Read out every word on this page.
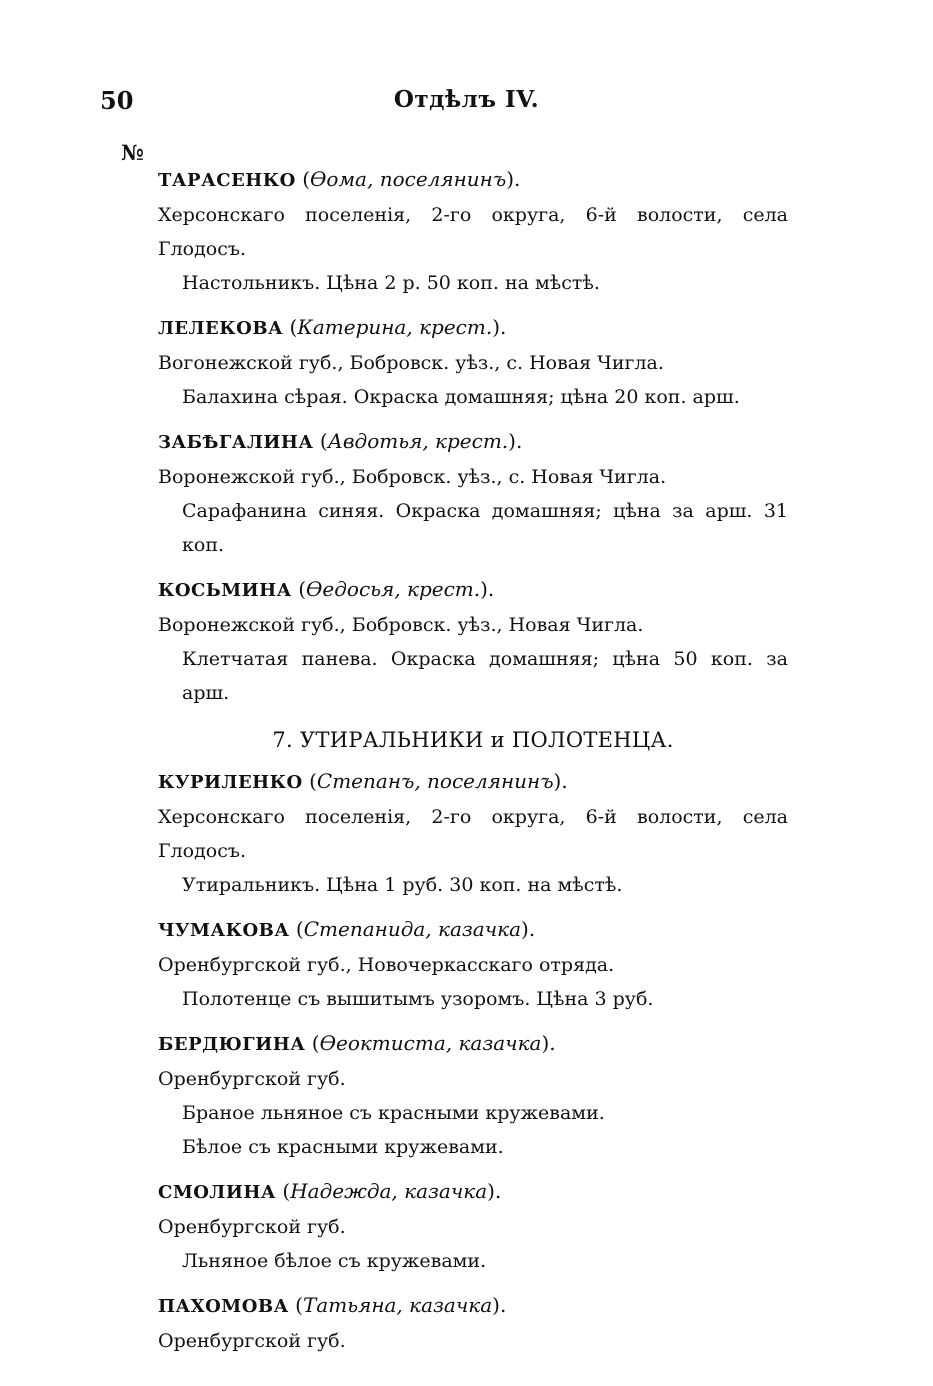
50	Отдѣлъ IV.
№
ТАРАСЕНКО (Ѳома, поселянинъ).
Херсонскаго поселенія, 2-го округа, 6-й волости, села Глодосъ.
Настольникъ. Цѣна 2 р. 50 коп. на мѣстѣ.
ЛЕЛЕКОВА (Катерина, крест.).
Вогонежской губ., Бобровск. уѣз., с. Новая Чигла.
Балахина сѣрая. Окраска домашняя; цѣна 20 коп. арш.
ЗАБѢГАЛИНА (Авдотья, крест.).
Воронежской губ., Бобровск. уѣз., с. Новая Чигла.
Сарафанина синяя. Окраска домашняя; цѣна за арш. 31 коп.
КОСЬМИНА (Ѳедосья, крест.).
Воронежской губ., Бобровск. уѣз., Новая Чигла.
Клетчатая панева. Окраска домашняя; цѣна 50 коп. за арш.
7. УТИРАЛЬНИКИ и ПОЛОТЕНЦА.
КУРИЛЕНКО (Степанъ, поселянинъ).
Херсонскаго поселенія, 2-го округа, 6-й волости, села Глодосъ.
Утиральникъ. Цѣна 1 руб. 30 коп. на мѣстѣ.
ЧУМАКОВА (Степанида, казачка).
Оренбургской губ., Новочеркасскаго отряда.
Полотенце съ вышитымъ узоромъ. Цѣна 3 руб.
БЕРДЮГИНА (Ѳеоктиста, казачка).
Оренбургской губ.
Браное льняное съ красными кружевами.
Бѣлое съ красными кружевами.
СМОЛИНА (Надежда, казачка).
Оренбургской губ.
Льняное бѣлое съ кружевами.
ПАХОМОВА (Татьяна, казачка).
Оренбургской губ.
